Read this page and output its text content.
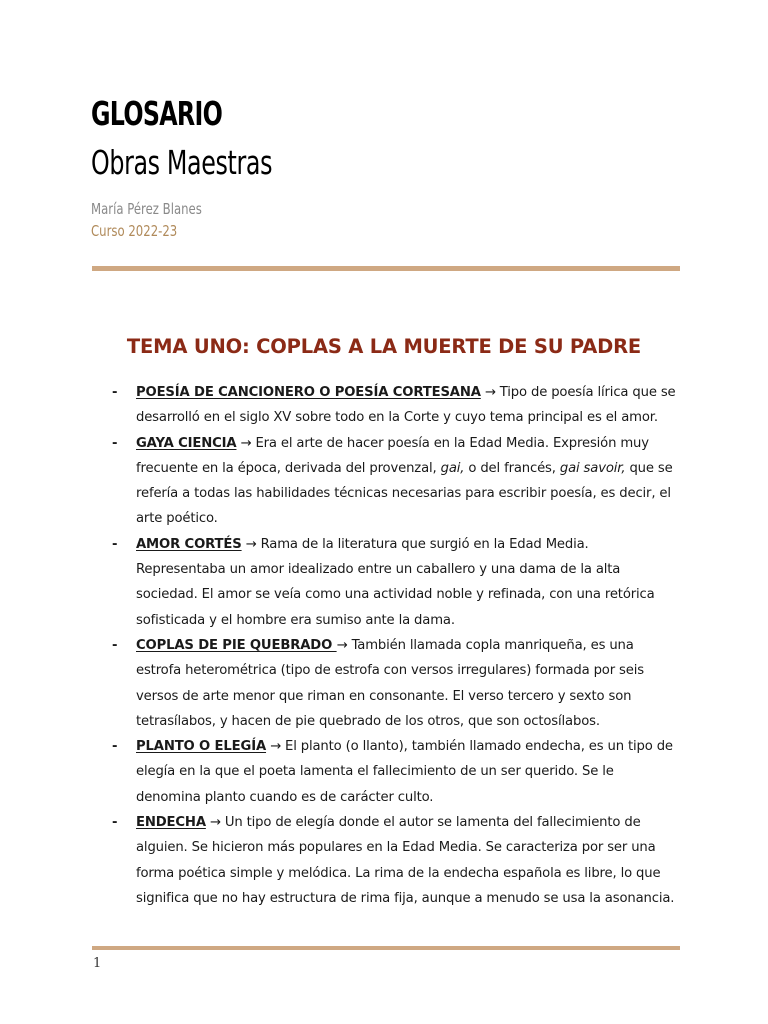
GLOSARIO
Obras Maestras
María Pérez Blanes
Curso 2022-23
TEMA UNO: COPLAS A LA MUERTE DE SU PADRE
- POESÍA DE CANCIONERO O POESÍA CORTESANA → Tipo de poesía lírica que se desarrolló en el siglo XV sobre todo en la Corte y cuyo tema principal es el amor.
- GAYA CIENCIA → Era el arte de hacer poesía en la Edad Media. Expresión muy frecuente en la época, derivada del provenzal, gai, o del francés, gai savoir, que se refería a todas las habilidades técnicas necesarias para escribir poesía, es decir, el arte poético.
- AMOR CORTÉS → Rama de la literatura que surgió en la Edad Media. Representaba un amor idealizado entre un caballero y una dama de la alta sociedad. El amor se veía como una actividad noble y refinada, con una retórica sofisticada y el hombre era sumiso ante la dama.
- COPLAS DE PIE QUEBRADO → También llamada copla manriqueña, es una estrofa heterométrica (tipo de estrofa con versos irregulares) formada por seis versos de arte menor que riman en consonante. El verso tercero y sexto son tetrasílabos, y hacen de pie quebrado de los otros, que son octosílabos.
- PLANTO O ELEGÍA → El planto (o llanto), también llamado endecha, es un tipo de elegía en la que el poeta lamenta el fallecimiento de un ser querido. Se le denomina planto cuando es de carácter culto.
- ENDECHA → Un tipo de elegía donde el autor se lamenta del fallecimiento de alguien. Se hicieron más populares en la Edad Media. Se caracteriza por ser una forma poética simple y melódica. La rima de la endecha española es libre, lo que significa que no hay estructura de rima fija, aunque a menudo se usa la asonancia.
1
